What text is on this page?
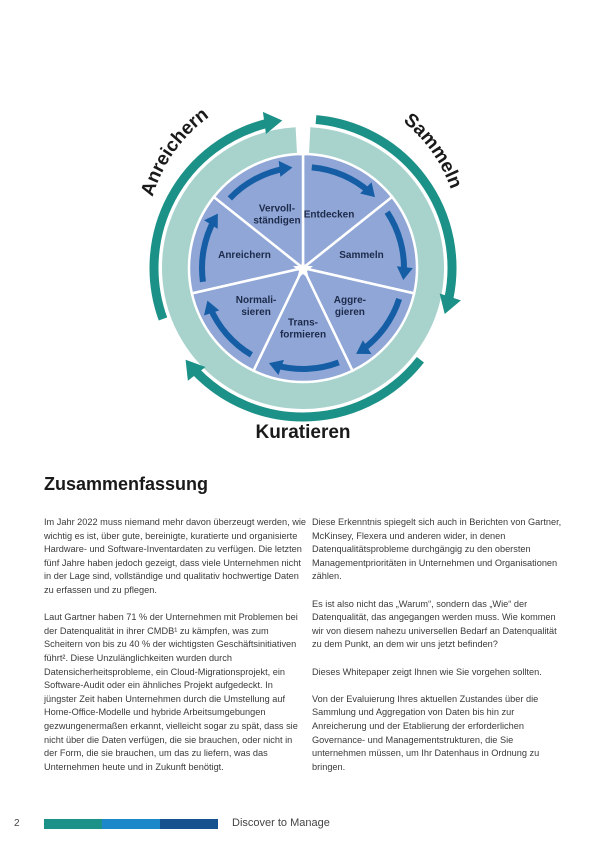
Entdecken
Sammeln
Aggre-gieren
Trans-formieren
Normali-sieren
Anreichern
Vervoll-ständigen
Anreichern	Sammeln
Kuratieren
Zusammenfassung

Im Jahr 2022 muss niemand mehr davon überzeugt werden, wie wichtig es ist, über gute, bereinigte, kuratierte und organisierte Hardware- und Software-Inventardaten zu verfügen. Die letzten fünf Jahre haben jedoch gezeigt, dass viele Unternehmen nicht in der Lage sind, vollständige und qualitativ hochwertige Daten zu erfassen und zu pflegen.

Laut Gartner haben 71 % der Unternehmen mit Problemen bei der Datenqualität in ihrer CMDB¹ zu kämpfen, was zum Scheitern von bis zu 40 % der wichtigsten Geschäftsinitiativen führt². Diese Unzulänglichkeiten wurden durch Datensicherheitsprobleme, ein Cloud-Migrationsprojekt, ein Software-Audit oder ein ähnliches Projekt aufgedeckt. In jüngster Zeit haben Unternehmen durch die Umstellung auf Home-Office-Modelle und hybride Arbeitsumgebungen gezwungenermaßen erkannt, vielleicht sogar zu spät, dass sie nicht über die Daten verfügen, die sie brauchen, oder nicht in der Form, die sie brauchen, um das zu liefern, was das Unternehmen heute und in Zukunft benötigt.

Diese Erkenntnis spiegelt sich auch in Berichten von Gartner, McKinsey, Flexera und anderen wider, in denen Datenqualitätsprobleme durchgängig zu den obersten Managementprioritäten in Unternehmen und Organisationen zählen.

Es ist also nicht das „Warum“, sondern das „Wie“ der Datenqualität, das angegangen werden muss. Wie kommen wir von diesem nahezu universellen Bedarf an Datenqualität zu dem Punkt, an dem wir uns jetzt befinden?

Dieses Whitepaper zeigt Ihnen wie Sie vorgehen sollten.

Von der Evaluierung Ihres aktuellen Zustandes über die Sammlung und Aggregation von Daten bis hin zur Anreicherung und der Etablierung der erforderlichen Governance- und Managementstrukturen, die Sie unternehmen müssen, um Ihr Datenhaus in Ordnung zu bringen.

2	Discover to Manage
